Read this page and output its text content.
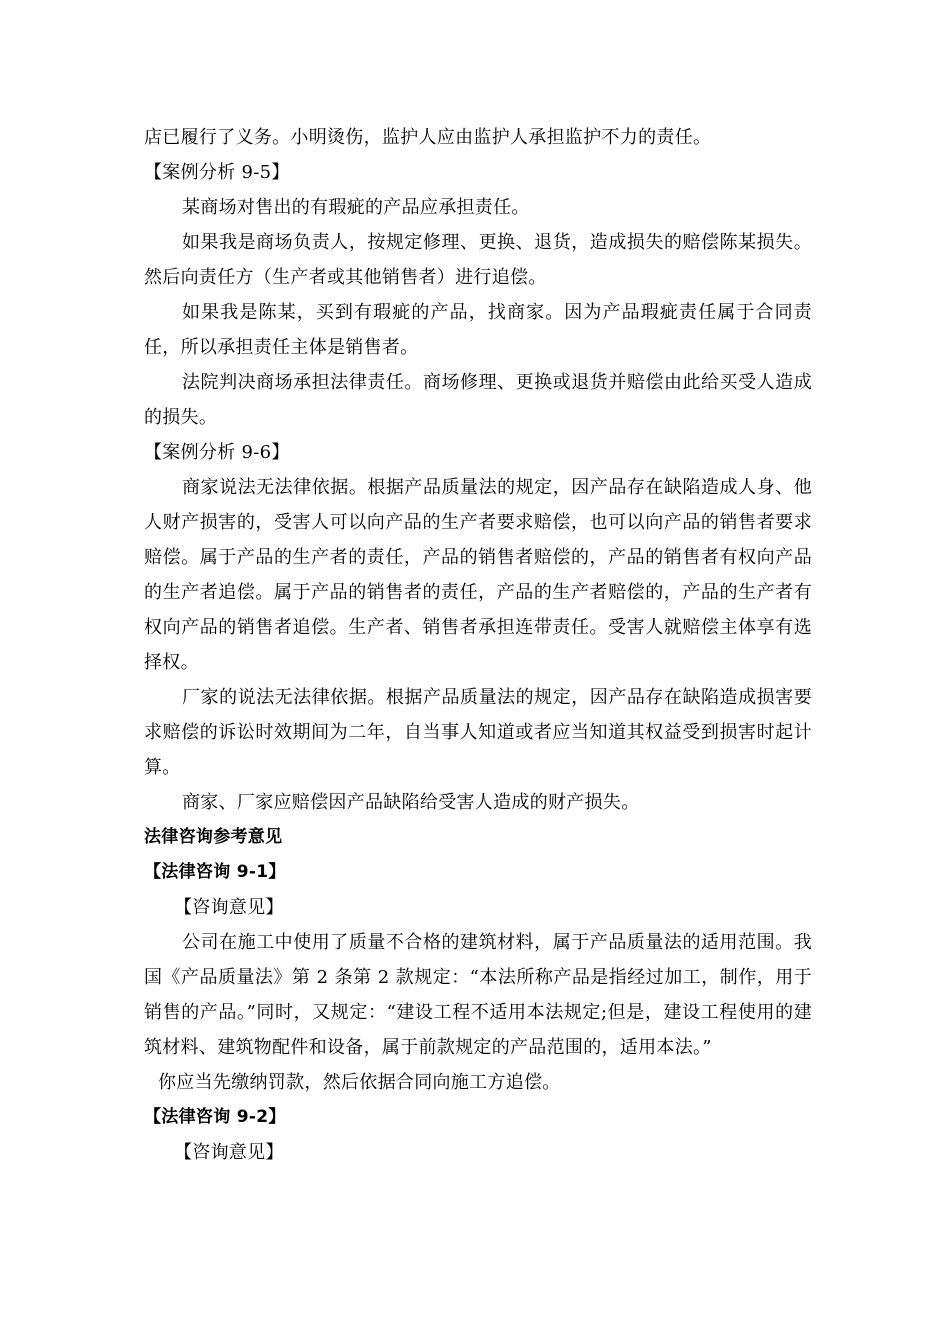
店已履行了义务。小明烫伤，监护人应由监护人承担监护不力的责任。

【案例分析 9-5】

某商场对售出的有瑕疵的产品应承担责任。

如果我是商场负责人，按规定修理、更换、退货，造成损失的赔偿陈某损失。然后向责任方（生产者或其他销售者）进行追偿。

如果我是陈某，买到有瑕疵的产品，找商家。因为产品瑕疵责任属于合同责任，所以承担责任主体是销售者。

法院判决商场承担法律责任。商场修理、更换或退货并赔偿由此给买受人造成的损失。

【案例分析 9-6】

商家说法无法律依据。根据产品质量法的规定，因产品存在缺陷造成人身、他人财产损害的，受害人可以向产品的生产者要求赔偿，也可以向产品的销售者要求赔偿。属于产品的生产者的责任，产品的销售者赔偿的，产品的销售者有权向产品的生产者追偿。属于产品的销售者的责任，产品的生产者赔偿的，产品的生产者有权向产品的销售者追偿。生产者、销售者承担连带责任。受害人就赔偿主体享有选择权。

厂家的说法无法律依据。根据产品质量法的规定，因产品存在缺陷造成损害要求赔偿的诉讼时效期间为二年，自当事人知道或者应当知道其权益受到损害时起计算。

商家、厂家应赔偿因产品缺陷给受害人造成的财产损失。

法律咨询参考意见

【法律咨询 9-1】

【咨询意见】

公司在施工中使用了质量不合格的建筑材料，属于产品质量法的适用范围。我国《产品质量法》第 2 条第 2 款规定：“本法所称产品是指经过加工，制作，用于销售的产品。”同时，又规定：“建设工程不适用本法规定;但是，建设工程使用的建筑材料、建筑物配件和设备，属于前款规定的产品范围的，适用本法。”

你应当先缴纳罚款，然后依据合同向施工方追偿。

【法律咨询 9-2】

【咨询意见】
